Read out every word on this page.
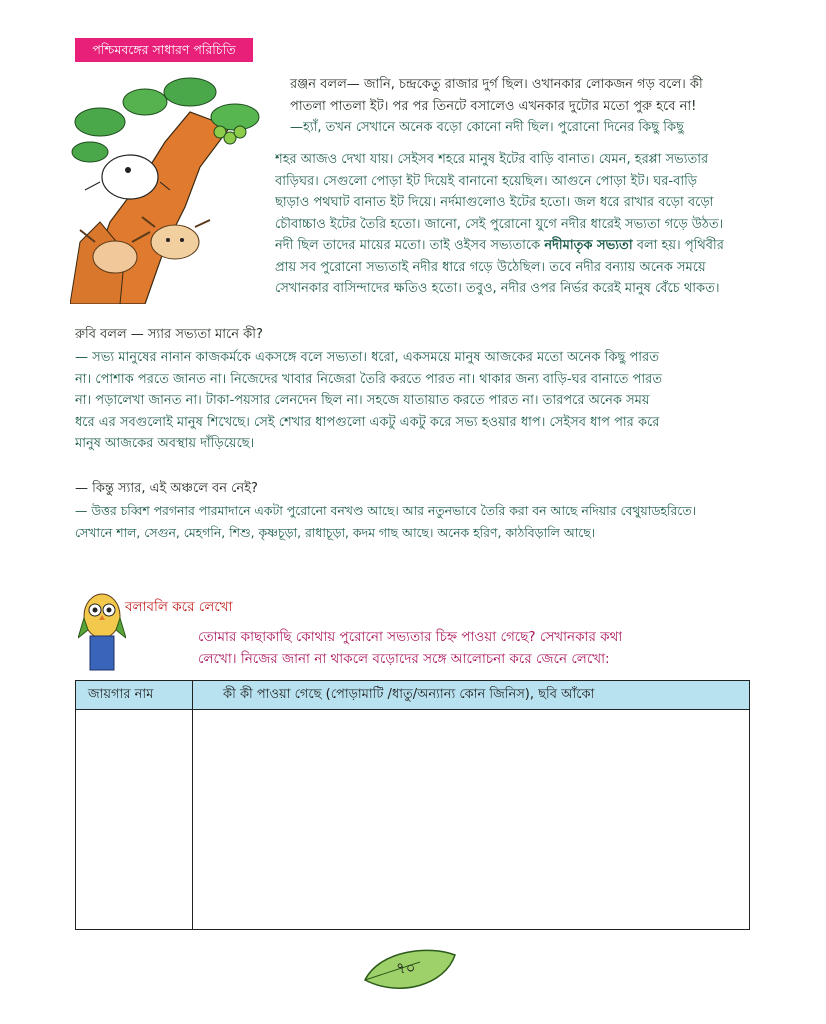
পশ্চিমবঙ্গের সাধারণ পরিচিতি

রঞ্জন বলল— জানি, চন্দ্রকেতু রাজার দুর্গ ছিল। ওখানকার লোকজন গড় বলে। কী
পাতলা পাতলা ইট। পর পর তিনটে বসালেও এখনকার দুটোর মতো পুরু হবে না!

—হ্যাঁ, তখন সেখানে অনেক বড়ো কোনো নদী ছিল। পুরোনো দিনের কিছু কিছু

শহর আজও দেখা যায়। সেইসব শহরে মানুষ ইটের বাড়ি বানাত। যেমন, হরপ্পা সভ্যতার
বাড়িঘর। সেগুলো পোড়া ইট দিয়েই বানানো হয়েছিল। আগুনে পোড়া ইট। ঘর-বাড়ি
ছাড়াও পথঘাট বানাত ইট দিয়ে। নর্দমাগুলোও ইটের হতো। জল ধরে রাখার বড়ো বড়ো
চৌবাচ্চাও ইটের তৈরি হতো। জানো, সেই পুরোনো যুগে নদীর ধারেই সভ্যতা গড়ে উঠত।
নদী ছিল তাদের মায়ের মতো। তাই ওইসব সভ্যতাকে নদীমাতৃক সভ্যতা বলা হয়। পৃথিবীর
প্রায় সব পুরোনো সভ্যতাই নদীর ধারে গড়ে উঠেছিল। তবে নদীর বন্যায় অনেক সময়ে
সেখানকার বাসিন্দাদের ক্ষতিও হতো। তবুও, নদীর ওপর নির্ভর করেই মানুষ বেঁচে থাকত।

রুবি বলল — স্যার সভ্যতা মানে কী?

— সভ্য মানুষের নানান কাজকর্মকে একসঙ্গে বলে সভ্যতা। ধরো, একসময়ে মানুষ আজকের মতো অনেক কিছু পারত
না। পোশাক পরতে জানত না। নিজেদের খাবার নিজেরা তৈরি করতে পারত না। থাকার জন্য বাড়ি-ঘর বানাতে পারত
না। পড়ালেখা জানত না। টাকা-পয়সার লেনদেন ছিল না। সহজে যাতায়াত করতে পারত না। তারপরে অনেক সময়
ধরে এর সবগুলোই মানুষ শিখেছে। সেই শেখার ধাপগুলো একটু একটু করে সভ্য হওয়ার ধাপ। সেইসব ধাপ পার করে
মানুষ আজকের অবস্থায় দাঁড়িয়েছে।

— কিন্তু স্যার, এই অঞ্চলে বন নেই?

— উত্তর চব্বিশ পরগনার পারমাদানে একটা পুরোনো বনখণ্ড আছে। আর নতুনভাবে তৈরি করা বন আছে নদিয়ার বেথুয়াডহরিতে।
সেখানে শাল, সেগুন, মেহগনি, শিশু, কৃষ্ণচূড়া, রাধাচূড়া, কদম গাছ আছে। অনেক হরিণ, কাঠবিড়ালি আছে।

বলাবলি করে লেখো

তোমার কাছাকাছি কোথায় পুরোনো সভ্যতার চিহ্ন পাওয়া গেছে? সেখানকার কথা
লেখো। নিজের জানা না থাকলে বড়োদের সঙ্গে আলোচনা করে জেনে লেখো:

জায়গার নাম	কী কী পাওয়া গেছে (পোড়ামাটি /ধাতু/অন্যান্য কোন জিনিস), ছবি আঁকো

৭০
